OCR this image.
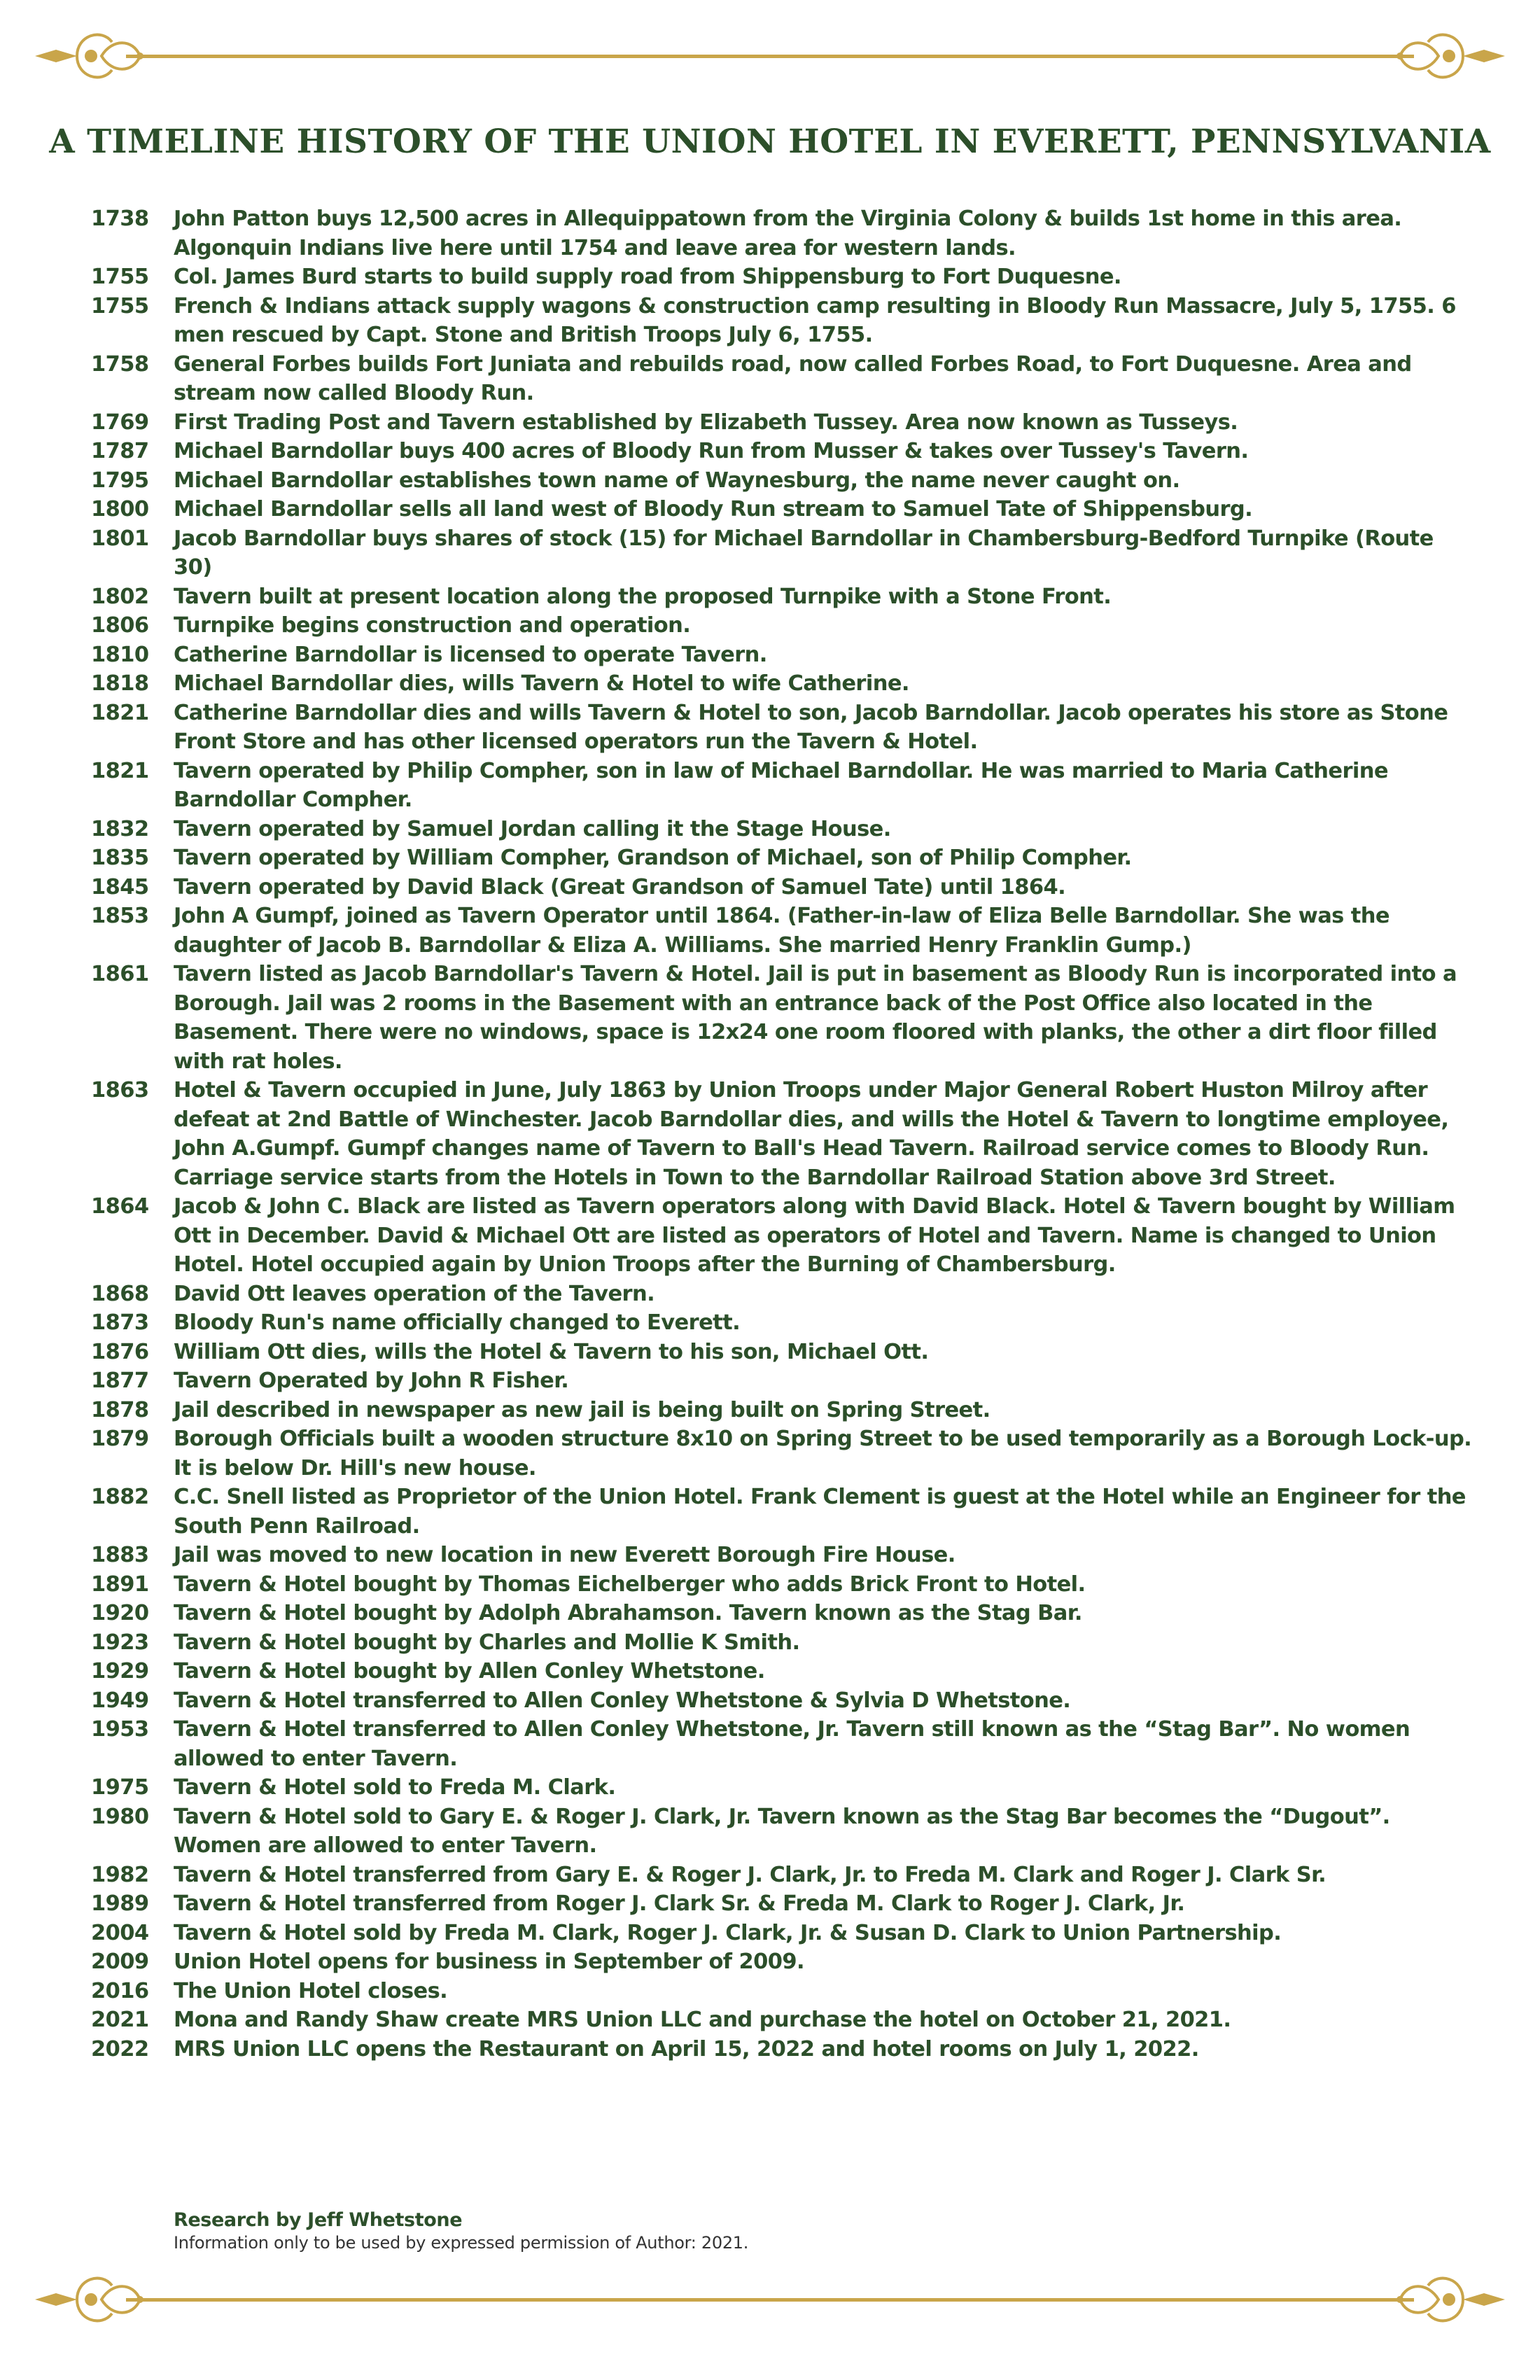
A TIMELINE HISTORY OF THE UNION HOTEL IN EVERETT, PENNSYLVANIA
1738	John Patton buys 12,500 acres in Allequippatown from the Virginia Colony & builds 1st home in this area. Algonquin Indians live here until 1754 and leave area for western lands.
1755	Col. James Burd starts to build supply road from Shippensburg to Fort Duquesne.
1755	French & Indians attack supply wagons & construction camp resulting in Bloody Run Massacre, July 5, 1755. 6 men rescued by Capt. Stone and British Troops July 6, 1755.
1758	General Forbes builds Fort Juniata and rebuilds road, now called Forbes Road, to Fort Duquesne. Area and stream now called Bloody Run.
1769	First Trading Post and Tavern established by Elizabeth Tussey. Area now known as Tusseys.
1787	Michael Barndollar buys 400 acres of Bloody Run from Musser & takes over Tussey's Tavern.
1795	Michael Barndollar establishes town name of Waynesburg, the name never caught on.
1800	Michael Barndollar sells all land west of Bloody Run stream to Samuel Tate of Shippensburg.
1801	Jacob Barndollar buys shares of stock (15) for Michael Barndollar in Chambersburg-Bedford Turnpike (Route 30)
1802	Tavern built at present location along the proposed Turnpike with a Stone Front.
1806	Turnpike begins construction and operation.
1810	Catherine Barndollar is licensed to operate Tavern.
1818	Michael Barndollar dies, wills Tavern & Hotel to wife Catherine.
1821	Catherine Barndollar dies and wills Tavern & Hotel to son, Jacob Barndollar. Jacob operates his store as Stone Front Store and has other licensed operators run the Tavern & Hotel.
1821	Tavern operated by Philip Compher, son in law of Michael Barndollar. He was married to Maria Catherine Barndollar Compher.
1832	Tavern operated by Samuel Jordan calling it the Stage House.
1835	Tavern operated by William Compher, Grandson of Michael, son of Philip Compher.
1845	Tavern operated by David Black (Great Grandson of Samuel Tate) until 1864.
1853	John A Gumpf, joined as Tavern Operator until 1864. (Father-in-law of Eliza Belle Barndollar. She was the daughter of Jacob B. Barndollar & Eliza A. Williams. She married Henry Franklin Gump.)
1861	Tavern listed as Jacob Barndollar's Tavern & Hotel. Jail is put in basement as Bloody Run is incorporated into a Borough. Jail was 2 rooms in the Basement with an entrance back of the Post Office also located in the Basement. There were no windows, space is 12x24 one room floored with planks, the other a dirt floor filled with rat holes.
1863	Hotel & Tavern occupied in June, July 1863 by Union Troops under Major General Robert Huston Milroy after defeat at 2nd Battle of Winchester. Jacob Barndollar dies, and wills the Hotel & Tavern to longtime employee, John A.Gumpf. Gumpf changes name of Tavern to Ball's Head Tavern. Railroad service comes to Bloody Run. Carriage service starts from the Hotels in Town to the Barndollar Railroad Station above 3rd Street.
1864	Jacob & John C. Black are listed as Tavern operators along with David Black. Hotel & Tavern bought by William Ott in December. David & Michael Ott are listed as operators of Hotel and Tavern. Name is changed to Union Hotel. Hotel occupied again by Union Troops after the Burning of Chambersburg.
1868	David Ott leaves operation of the Tavern.
1873	Bloody Run's name officially changed to Everett.
1876	William Ott dies, wills the Hotel & Tavern to his son, Michael Ott.
1877	Tavern Operated by John R Fisher.
1878	Jail described in newspaper as new jail is being built on Spring Street.
1879	Borough Officials built a wooden structure 8x10 on Spring Street to be used temporarily as a Borough Lock-up. It is below Dr. Hill's new house.
1882	C.C. Snell listed as Proprietor of the Union Hotel. Frank Clement is guest at the Hotel while an Engineer for the South Penn Railroad.
1883	Jail was moved to new location in new Everett Borough Fire House.
1891	Tavern & Hotel bought by Thomas Eichelberger who adds Brick Front to Hotel.
1920	Tavern & Hotel bought by Adolph Abrahamson. Tavern known as the Stag Bar.
1923	Tavern & Hotel bought by Charles and Mollie K Smith.
1929	Tavern & Hotel bought by Allen Conley Whetstone.
1949	Tavern & Hotel transferred to Allen Conley Whetstone & Sylvia D Whetstone.
1953	Tavern & Hotel transferred to Allen Conley Whetstone, Jr. Tavern still known as the “Stag Bar”. No women allowed to enter Tavern.
1975	Tavern & Hotel sold to Freda M. Clark.
1980	Tavern & Hotel sold to Gary E. & Roger J. Clark, Jr. Tavern known as the Stag Bar becomes the “Dugout”. Women are allowed to enter Tavern.
1982	Tavern & Hotel transferred from Gary E. & Roger J. Clark, Jr. to Freda M. Clark and Roger J. Clark Sr.
1989	Tavern & Hotel transferred from Roger J. Clark Sr. & Freda M. Clark to Roger J. Clark, Jr.
2004	Tavern & Hotel sold by Freda M. Clark, Roger J. Clark, Jr. & Susan D. Clark to Union Partnership.
2009	Union Hotel opens for business in September of 2009.
2016	The Union Hotel closes.
2021	Mona and Randy Shaw create MRS Union LLC and purchase the hotel on October 21, 2021.
2022	MRS Union LLC opens the Restaurant on April 15, 2022 and hotel rooms on July 1, 2022.
Research by Jeff Whetstone
Information only to be used by expressed permission of Author: 2021.
